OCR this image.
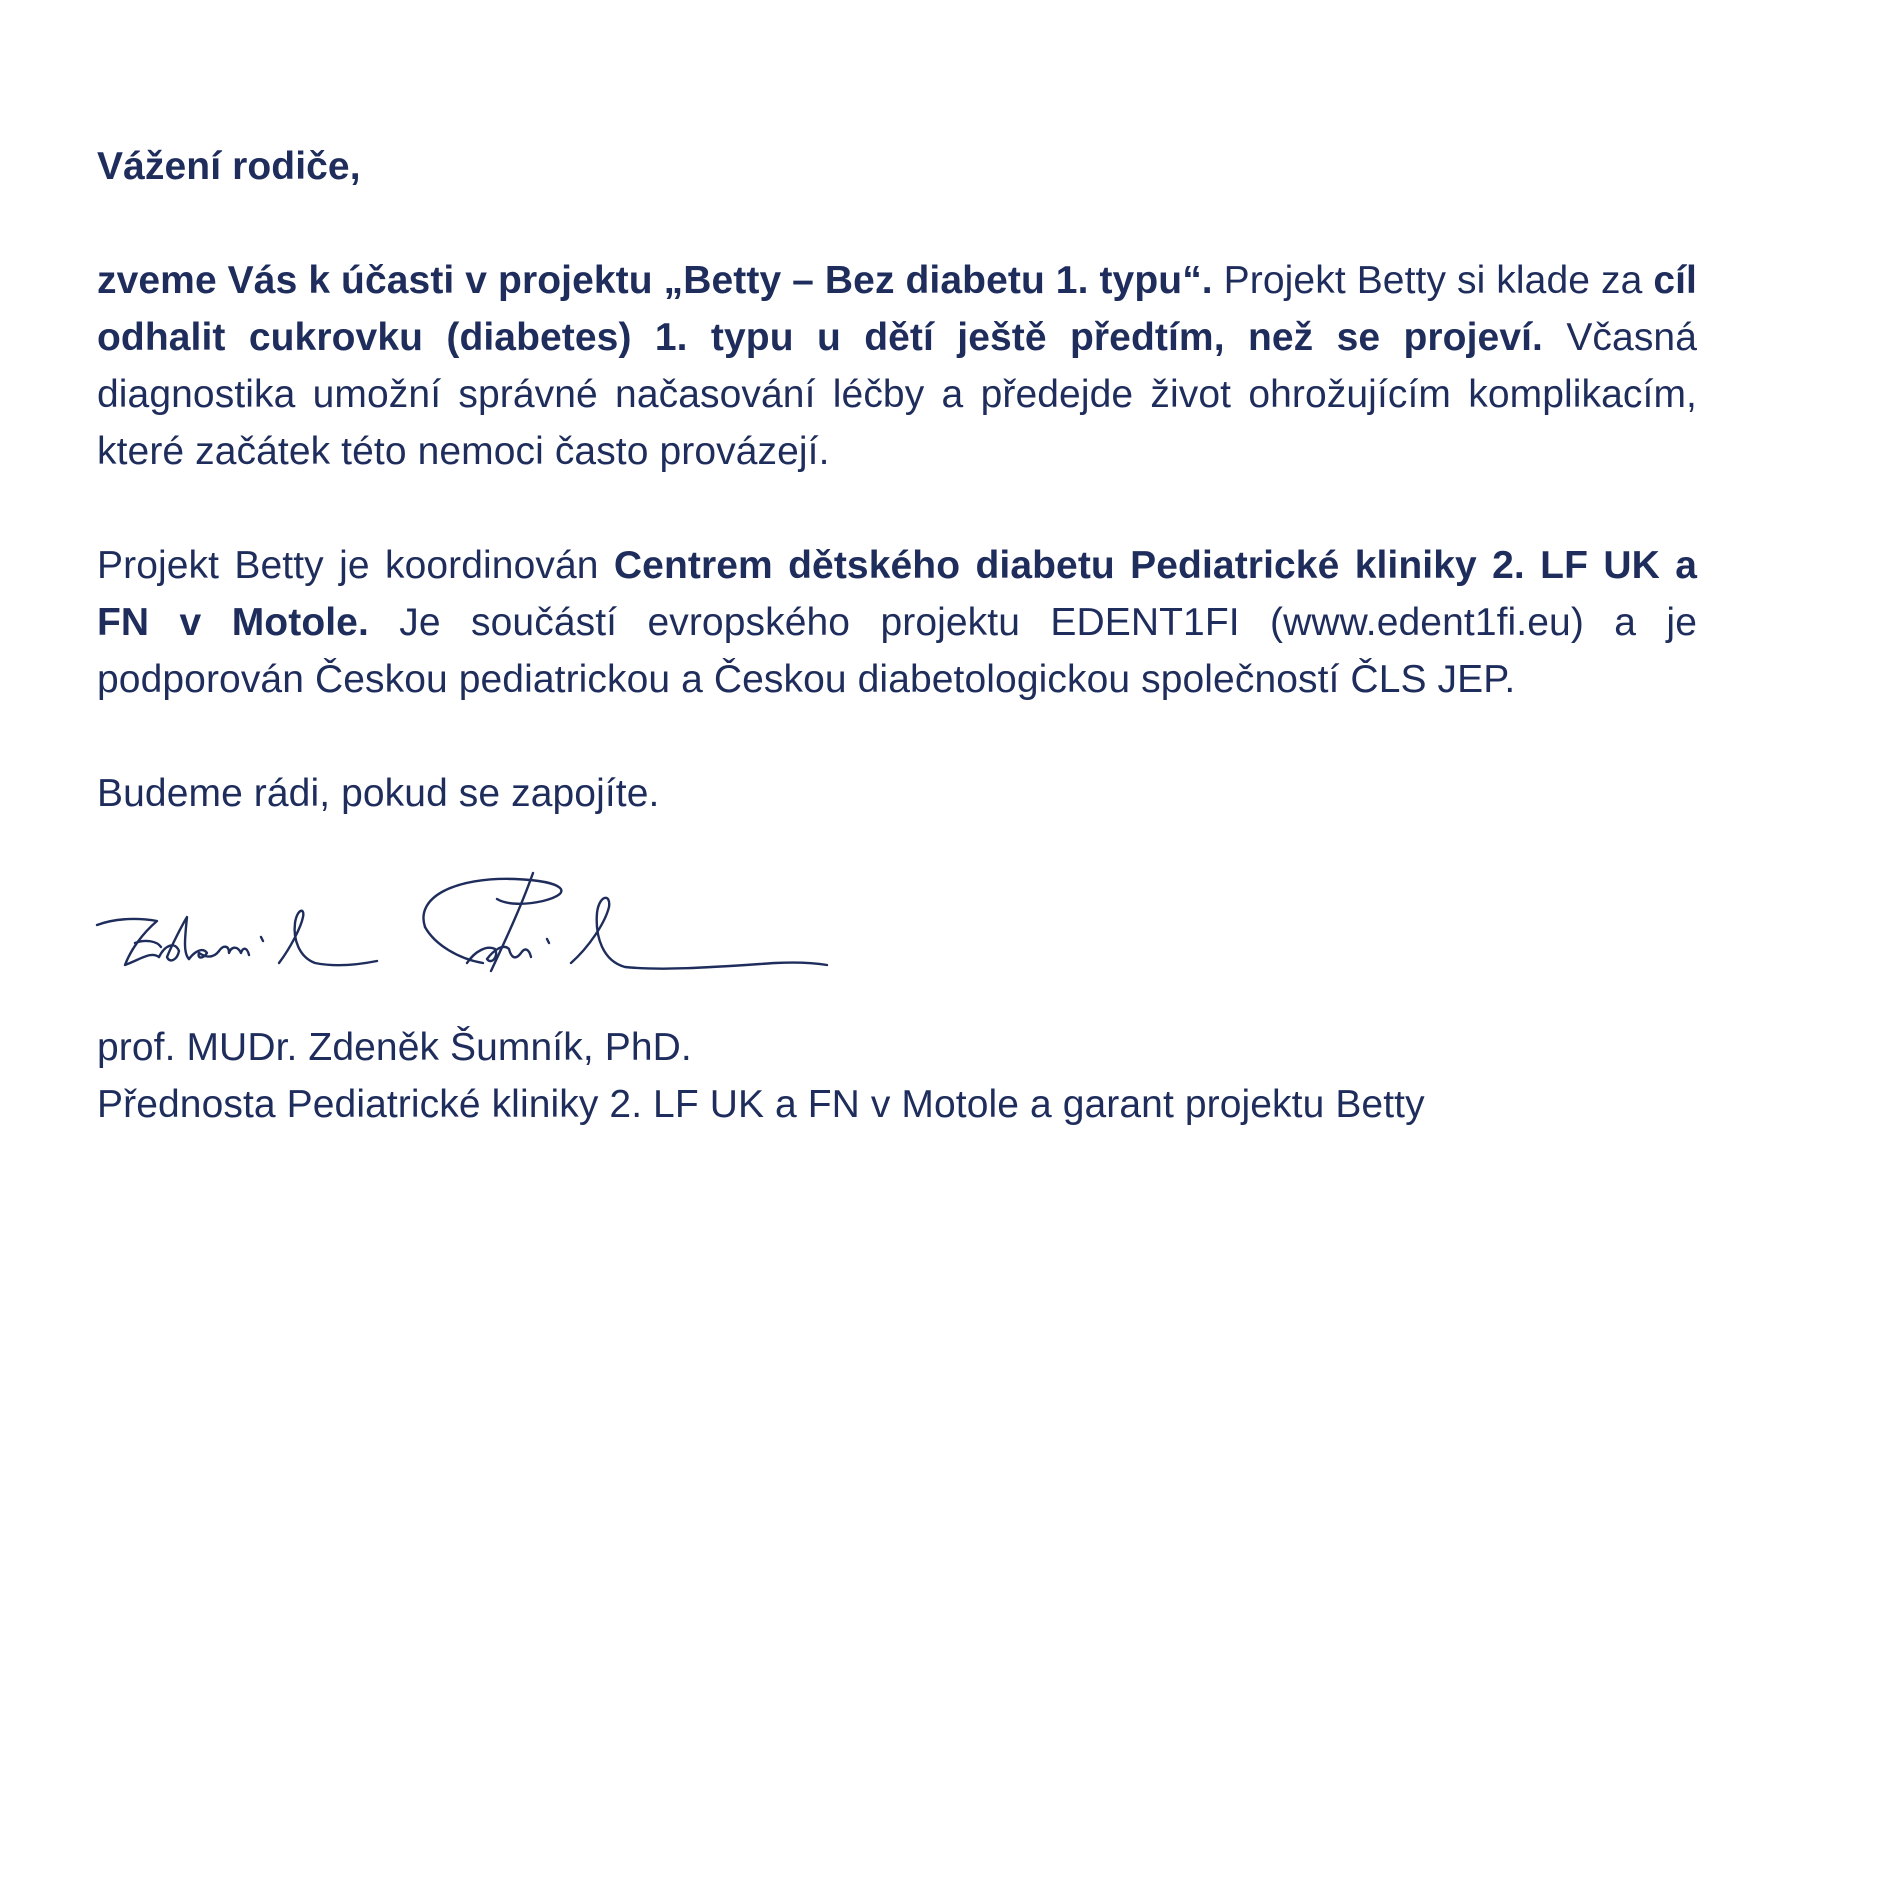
Vážení rodiče,

zveme Vás k účasti v projektu „Betty – Bez diabetu 1. typu“. Projekt Betty si klade za cíl odhalit cukrovku (diabetes) 1. typu u dětí ještě předtím, než se projeví. Včasná diagnostika umožní správné načasování léčby a předejde život ohrožujícím komplikacím, které začátek této nemoci často provázejí.

Projekt Betty je koordinován Centrem dětského diabetu Pediatrické kliniky 2. LF UK a FN v Motole. Je součástí evropského projektu EDENT1FI (www.edent1fi.eu) a je podporován Českou pediatrickou a Českou diabetologickou společností ČLS JEP.

Budeme rádi, pokud se zapojíte.

prof. MUDr. Zdeněk Šumník, PhD.

Přednosta Pediatrické kliniky 2. LF UK a FN v Motole a garant projektu Betty
